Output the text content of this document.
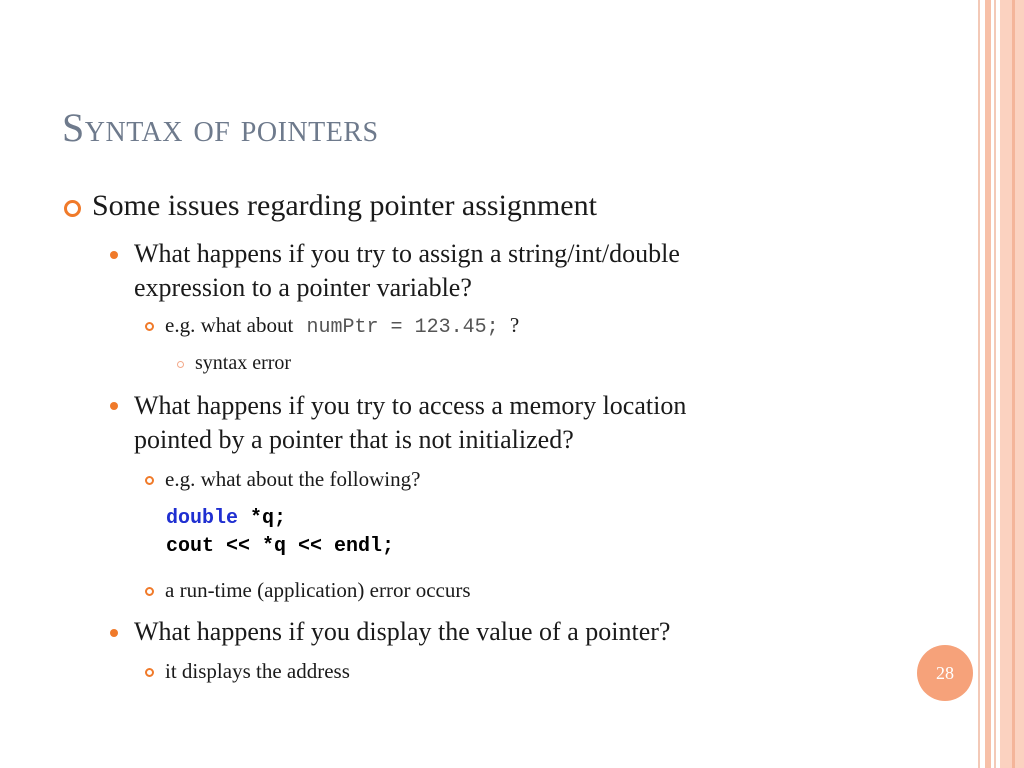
Syntax of pointers
Some issues regarding pointer assignment
What happens if you try to assign a string/int/double
expression to a pointer variable?
e.g. what about numPtr = 123.45; ?
syntax error
What happens if you try to access a memory location
pointed by a pointer that is not initialized?
e.g. what about the following?
double *q;
cout << *q << endl;
a run-time (application) error occurs
What happens if you display the value of a pointer?
it displays the address	28
